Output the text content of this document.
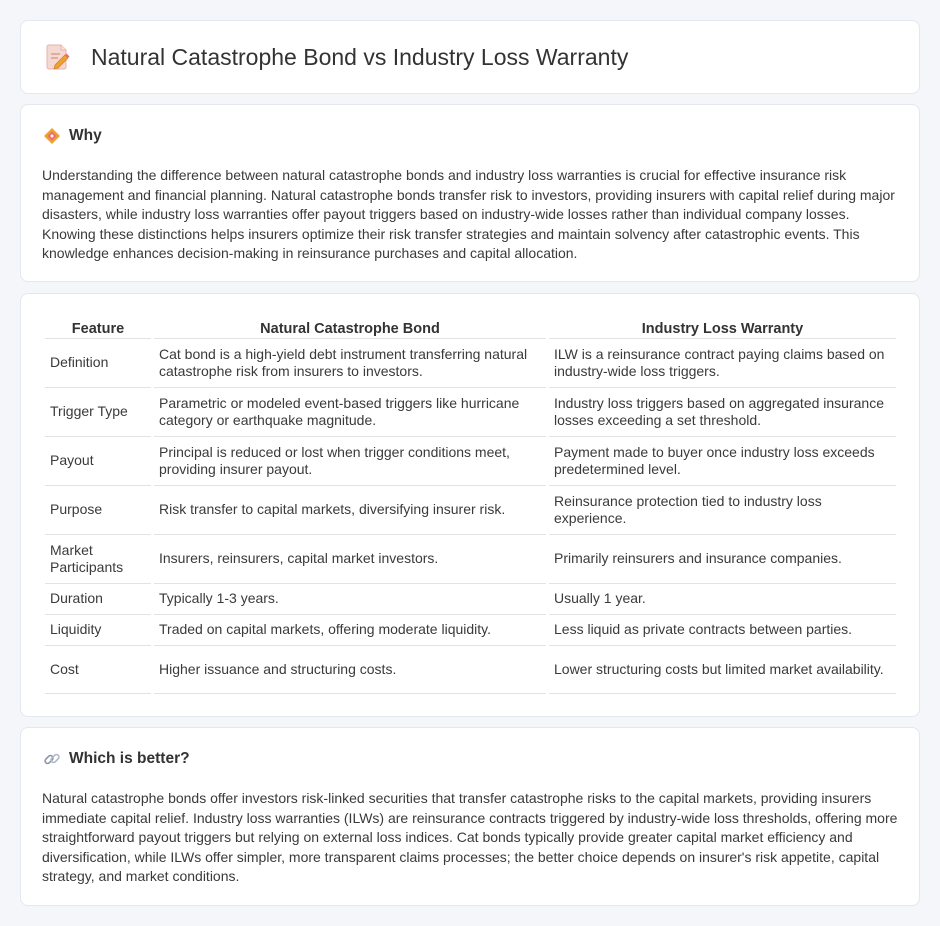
Natural Catastrophe Bond vs Industry Loss Warranty
Why

Understanding the difference between natural catastrophe bonds and industry loss warranties is crucial for effective insurance risk management and financial planning. Natural catastrophe bonds transfer risk to investors, providing insurers with capital relief during major disasters, while industry loss warranties offer payout triggers based on industry-wide losses rather than individual company losses. Knowing these distinctions helps insurers optimize their risk transfer strategies and maintain solvency after catastrophic events. This knowledge enhances decision-making in reinsurance purchases and capital allocation.

Feature	Natural Catastrophe Bond	Industry Loss Warranty
Definition	Cat bond is a high-yield debt instrument transferring natural catastrophe risk from insurers to investors.	ILW is a reinsurance contract paying claims based on industry-wide loss triggers.
Trigger Type	Parametric or modeled event-based triggers like hurricane category or earthquake magnitude.	Industry loss triggers based on aggregated insurance losses exceeding a set threshold.
Payout	Principal is reduced or lost when trigger conditions meet, providing insurer payout.	Payment made to buyer once industry loss exceeds predetermined level.
Purpose	Risk transfer to capital markets, diversifying insurer risk.	Reinsurance protection tied to industry loss experience.
Market Participants	Insurers, reinsurers, capital market investors.	Primarily reinsurers and insurance companies.
Duration	Typically 1-3 years.	Usually 1 year.
Liquidity	Traded on capital markets, offering moderate liquidity.	Less liquid as private contracts between parties.
Cost	Higher issuance and structuring costs.	Lower structuring costs but limited market availability.
Which is better?

Natural catastrophe bonds offer investors risk-linked securities that transfer catastrophe risks to the capital markets, providing insurers immediate capital relief. Industry loss warranties (ILWs) are reinsurance contracts triggered by industry-wide loss thresholds, offering more straightforward payout triggers but relying on external loss indices. Cat bonds typically provide greater capital market efficiency and diversification, while ILWs offer simpler, more transparent claims processes; the better choice depends on insurer's risk appetite, capital strategy, and market conditions.
